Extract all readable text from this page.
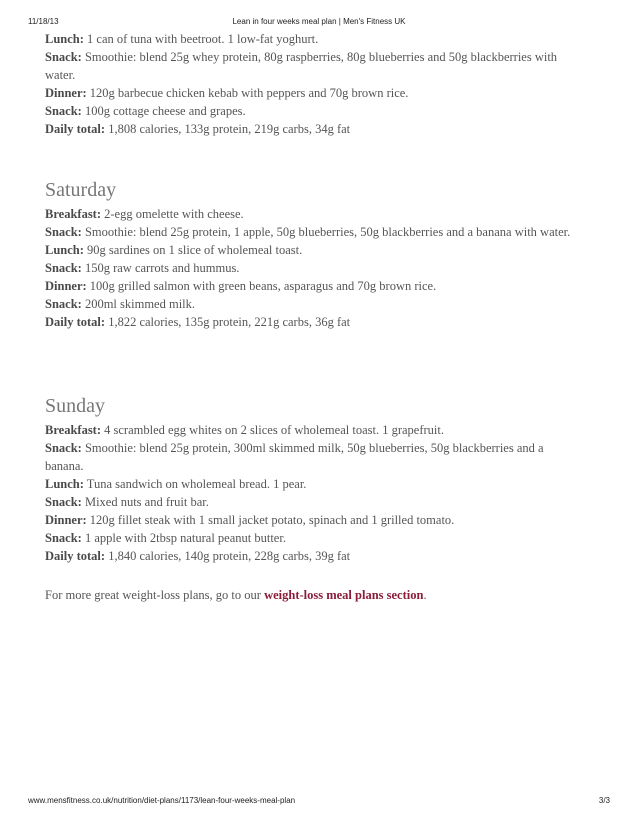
11/18/13	Lean in four weeks meal plan | Men's Fitness UK

Lunch: 1 can of tuna with beetroot. 1 low-fat yoghurt.

Snack: Smoothie: blend 25g whey protein, 80g raspberries, 80g blueberries and 50g blackberries with water.

Dinner: 120g barbecue chicken kebab with peppers and 70g brown rice.

Snack: 100g cottage cheese and grapes.

Daily total: 1,808 calories, 133g protein, 219g carbs, 34g fat

Saturday

Breakfast: 2-egg omelette with cheese.

Snack: Smoothie: blend 25g protein, 1 apple, 50g blueberries, 50g blackberries and a banana with water.

Lunch: 90g sardines on 1 slice of wholemeal toast.

Snack: 150g raw carrots and hummus.

Dinner: 100g grilled salmon with green beans, asparagus and 70g brown rice.

Snack: 200ml skimmed milk.

Daily total: 1,822 calories, 135g protein, 221g carbs, 36g fat

Sunday

Breakfast: 4 scrambled egg whites on 2 slices of wholemeal toast. 1 grapefruit.

Snack: Smoothie: blend 25g protein, 300ml skimmed milk, 50g blueberries, 50g blackberries and a banana.

Lunch: Tuna sandwich on wholemeal bread. 1 pear.

Snack: Mixed nuts and fruit bar.

Dinner: 120g fillet steak with 1 small jacket potato, spinach and 1 grilled tomato.

Snack: 1 apple with 2tbsp natural peanut butter.

Daily total: 1,840 calories, 140g protein, 228g carbs, 39g fat

For more great weight-loss plans, go to our weight-loss meal plans section.

www.mensfitness.co.uk/nutrition/diet-plans/1173/lean-four-weeks-meal-plan	3/3
